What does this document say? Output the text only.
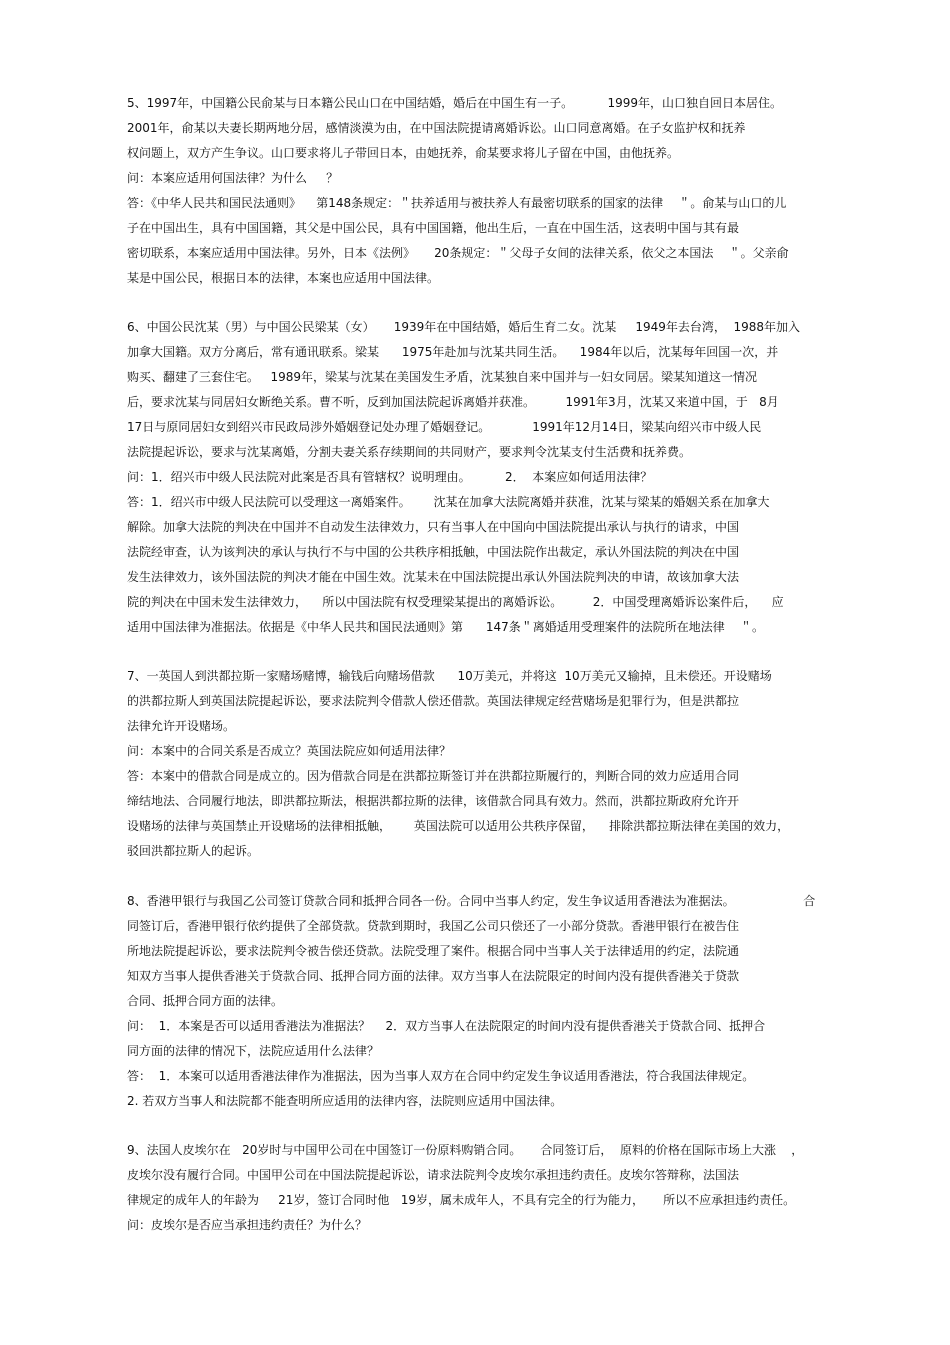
5、1997年，中国籍公民俞某与日本籍公民山口在中国结婚，婚后在中国生有一子。         1999年，山口独自回日本居住。
2001年，俞某以夫妻长期两地分居，感情淡漠为由，在中国法院提请离婚诉讼。山口同意离婚。在子女监护权和抚养
权问题上，双方产生争议。山口要求将儿子带回日本，由她抚养，俞某要求将儿子留在中国，由他抚养。
问：本案应适用何国法律？为什么     ？
答：《中华人民共和国民法通则》    第148条规定：＂扶养适用与被扶养人有最密切联系的国家的法律    ＂。俞某与山口的儿
子在中国出生，具有中国国籍，其父是中国公民，具有中国国籍，他出生后，一直在中国生活，这表明中国与其有最
密切联系，本案应适用中国法律。另外，日本《法例》     20条规定：＂父母子女间的法律关系，依父之本国法    ＂。父亲俞
某是中国公民，根据日本的法律，本案也应适用中国法律。
6、中国公民沈某（男）与中国公民梁某（女）     1939年在中国结婚，婚后生育二女。沈某     1949年去台湾，  1988年加入
加拿大国籍。双方分离后，常有通讯联系。梁某      1975年赴加与沈某共同生活。    1984年以后，沈某每年回国一次，并
购买、翻建了三套住宅。   1989年，梁某与沈某在美国发生矛盾，沈某独自来中国并与一妇女同居。梁某知道这一情况
后，要求沈某与同居妇女断绝关系。曹不听，反到加国法院起诉离婚并获准。        1991年3月，沈某又来道中国，于   8月
17日与原同居妇女到绍兴市民政局涉外婚姻登记处办理了婚姻登记。           1991年12月14日，梁某向绍兴市中级人民
法院提起诉讼，要求与沈某离婚，分割夫妻关系存续期间的共同财产，要求判令沈某支付生活费和抚养费。
问：1．绍兴市中级人民法院对此案是否具有管辖权？说明理由。         2．  本案应如何适用法律？
答：1．绍兴市中级人民法院可以受理这一离婚案件。      沈某在加拿大法院离婚并获准，沈某与梁某的婚姻关系在加拿大
解除。加拿大法院的判决在中国并不自动发生法律效力，只有当事人在中国向中国法院提出承认与执行的请求，中国
法院经审查，认为该判决的承认与执行不与中国的公共秩序相抵触，中国法院作出裁定，承认外国法院的判决在中国
发生法律效力，该外国法院的判决才能在中国生效。沈某未在中国法院提出承认外国法院判决的申请，故该加拿大法
院的判决在中国未发生法律效力，    所以中国法院有权受理梁某提出的离婚诉讼。        2．中国受理离婚诉讼案件后，    应
适用中国法律为准据法。依据是《中华人民共和国民法通则》第      147条＂离婚适用受理案件的法院所在地法律    ＂。
7、一英国人到洪都拉斯一家赌场赌博，输钱后向赌场借款      10万美元，并将这  10万美元又输掉，且未偿还。开设赌场
的洪都拉斯人到英国法院提起诉讼，要求法院判令借款人偿还借款。英国法律规定经营赌场是犯罪行为，但是洪都拉
法律允许开设赌场。
问：本案中的合同关系是否成立？英国法院应如何适用法律？
答：本案中的借款合同是成立的。因为借款合同是在洪都拉斯签订并在洪都拉斯履行的，判断合同的效力应适用合同
缔结地法、合同履行地法，即洪都拉斯法，根据洪都拉斯的法律，该借款合同具有效力。然而，洪都拉斯政府允许开
设赌场的法律与英国禁止开设赌场的法律相抵触，      英国法院可以适用公共秩序保留，    排除洪都拉斯法律在美国的效力，
驳回洪都拉斯人的起诉。
8、香港甲银行与我国乙公司签订贷款合同和抵押合同各一份。合同中当事人约定，发生争议适用香港法为准据法。                  合
同签订后，香港甲银行依约提供了全部贷款。贷款到期时，我国乙公司只偿还了一小部分贷款。香港甲银行在被告住
所地法院提起诉讼，要求法院判令被告偿还贷款。法院受理了案件。根据合同中当事人关于法律适用的约定，法院通
知双方当事人提供香港关于贷款合同、抵押合同方面的法律。双方当事人在法院限定的时间内没有提供香港关于贷款
合同、抵押合同方面的法律。
问：  1．本案是否可以适用香港法为准据法？    2．双方当事人在法院限定的时间内没有提供香港关于贷款合同、抵押合
同方面的法律的情况下，法院应适用什么法律？
答：  1．本案可以适用香港法律作为准据法，因为当事人双方在合同中约定发生争议适用香港法，符合我国法律规定。
2. 若双方当事人和法院都不能查明所应适用的法律内容，法院则应适用中国法律。
9、法国人皮埃尔在   20岁时与中国甲公司在中国签订一份原料购销合同。     合同签订后，  原料的价格在国际市场上大涨    ，
皮埃尔没有履行合同。中国甲公司在中国法院提起诉讼，请求法院判令皮埃尔承担违约责任。皮埃尔答辩称，法国法
律规定的成年人的年龄为     21岁，签订合同时他   19岁，属未成年人，不具有完全的行为能力，     所以不应承担违约责任。
问：皮埃尔是否应当承担违约责任？为什么？
